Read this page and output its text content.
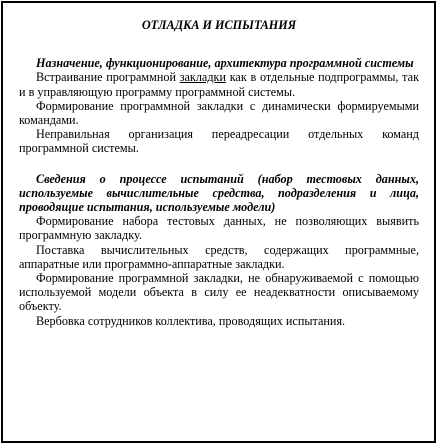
ОТЛАДКА И ИСПЫТАНИЯ

Назначение, функционирование, архитектура программной системы

Встраивание программной закладки как в отдельные подпрограммы, так и в управляющую программу программной системы.

Формирование программной закладки с динамически формируемыми командами.

Неправильная организация переадресации отдельных команд программной системы.

Сведения о процессе испытаний (набор тестовых данных, используемые вычислительные средства, подразделения и лица, проводящие испытания, используемые модели)

Формирование набора тестовых данных, не позволяющих выявить программную закладку.

Поставка вычислительных средств, содержащих программные, аппаратные или программно-аппаратные закладки.

Формирование программной закладки, не обнаруживаемой с помощью используемой модели объекта в силу ее неадекватности описываемому объекту.

Вербовка сотрудников коллектива, проводящих испытания.
